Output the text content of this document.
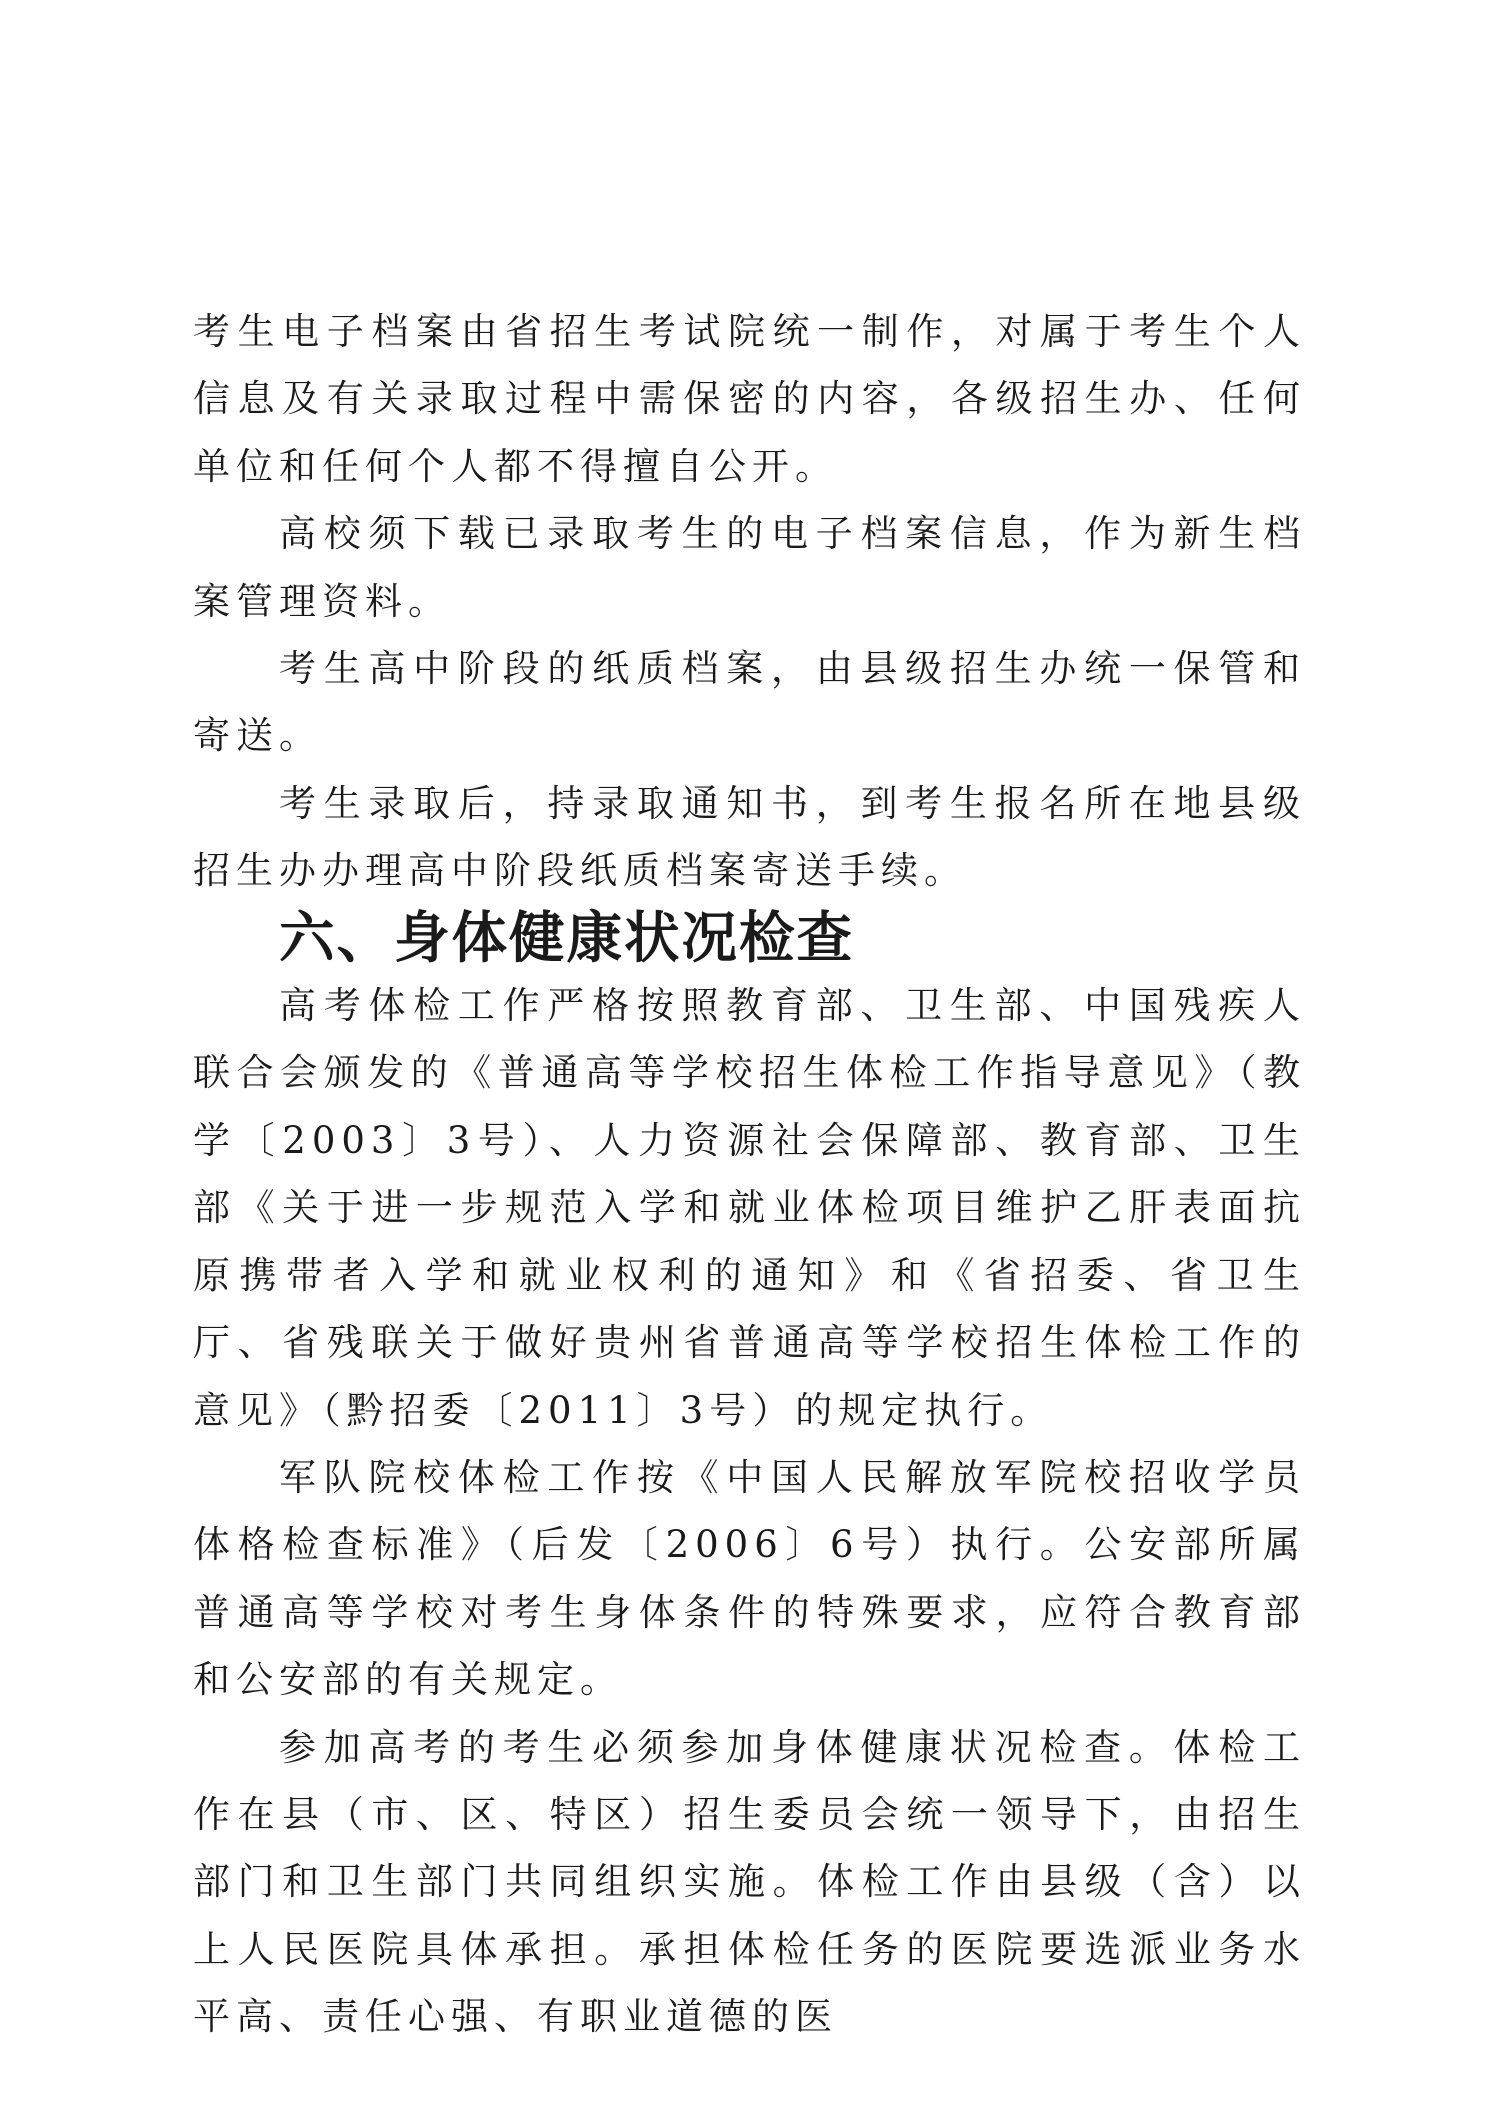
考生电子档案由省招生考试院统一制作，对属于考生个人信息及有关录取过程中需保密的内容，各级招生办、任何单位和任何个人都不得擅自公开。

高校须下载已录取考生的电子档案信息，作为新生档案管理资料。

考生高中阶段的纸质档案，由县级招生办统一保管和寄送。

考生录取后，持录取通知书，到考生报名所在地县级招生办办理高中阶段纸质档案寄送手续。

六、身体健康状况检查

高考体检工作严格按照教育部、卫生部、中国残疾人联合会颁发的《普通高等学校招生体检工作指导意见》（教学〔2003〕3号）、人力资源社会保障部、教育部、卫生部《关于进一步规范入学和就业体检项目维护乙肝表面抗原携带者入学和就业权利的通知》和《省招委、省卫生厅、省残联关于做好贵州省普通高等学校招生体检工作的意见》（黔招委〔2011〕3号）的规定执行。

军队院校体检工作按《中国人民解放军院校招收学员体格检查标准》（后发〔2006〕6号）执行。公安部所属普通高等学校对考生身体条件的特殊要求，应符合教育部和公安部的有关规定。

参加高考的考生必须参加身体健康状况检查。体检工作在县（市、区、特区）招生委员会统一领导下，由招生部门和卫生部门共同组织实施。体检工作由县级（含）以上人民医院具体承担。承担体检任务的医院要选派业务水平高、责任心强、有职业道德的医
